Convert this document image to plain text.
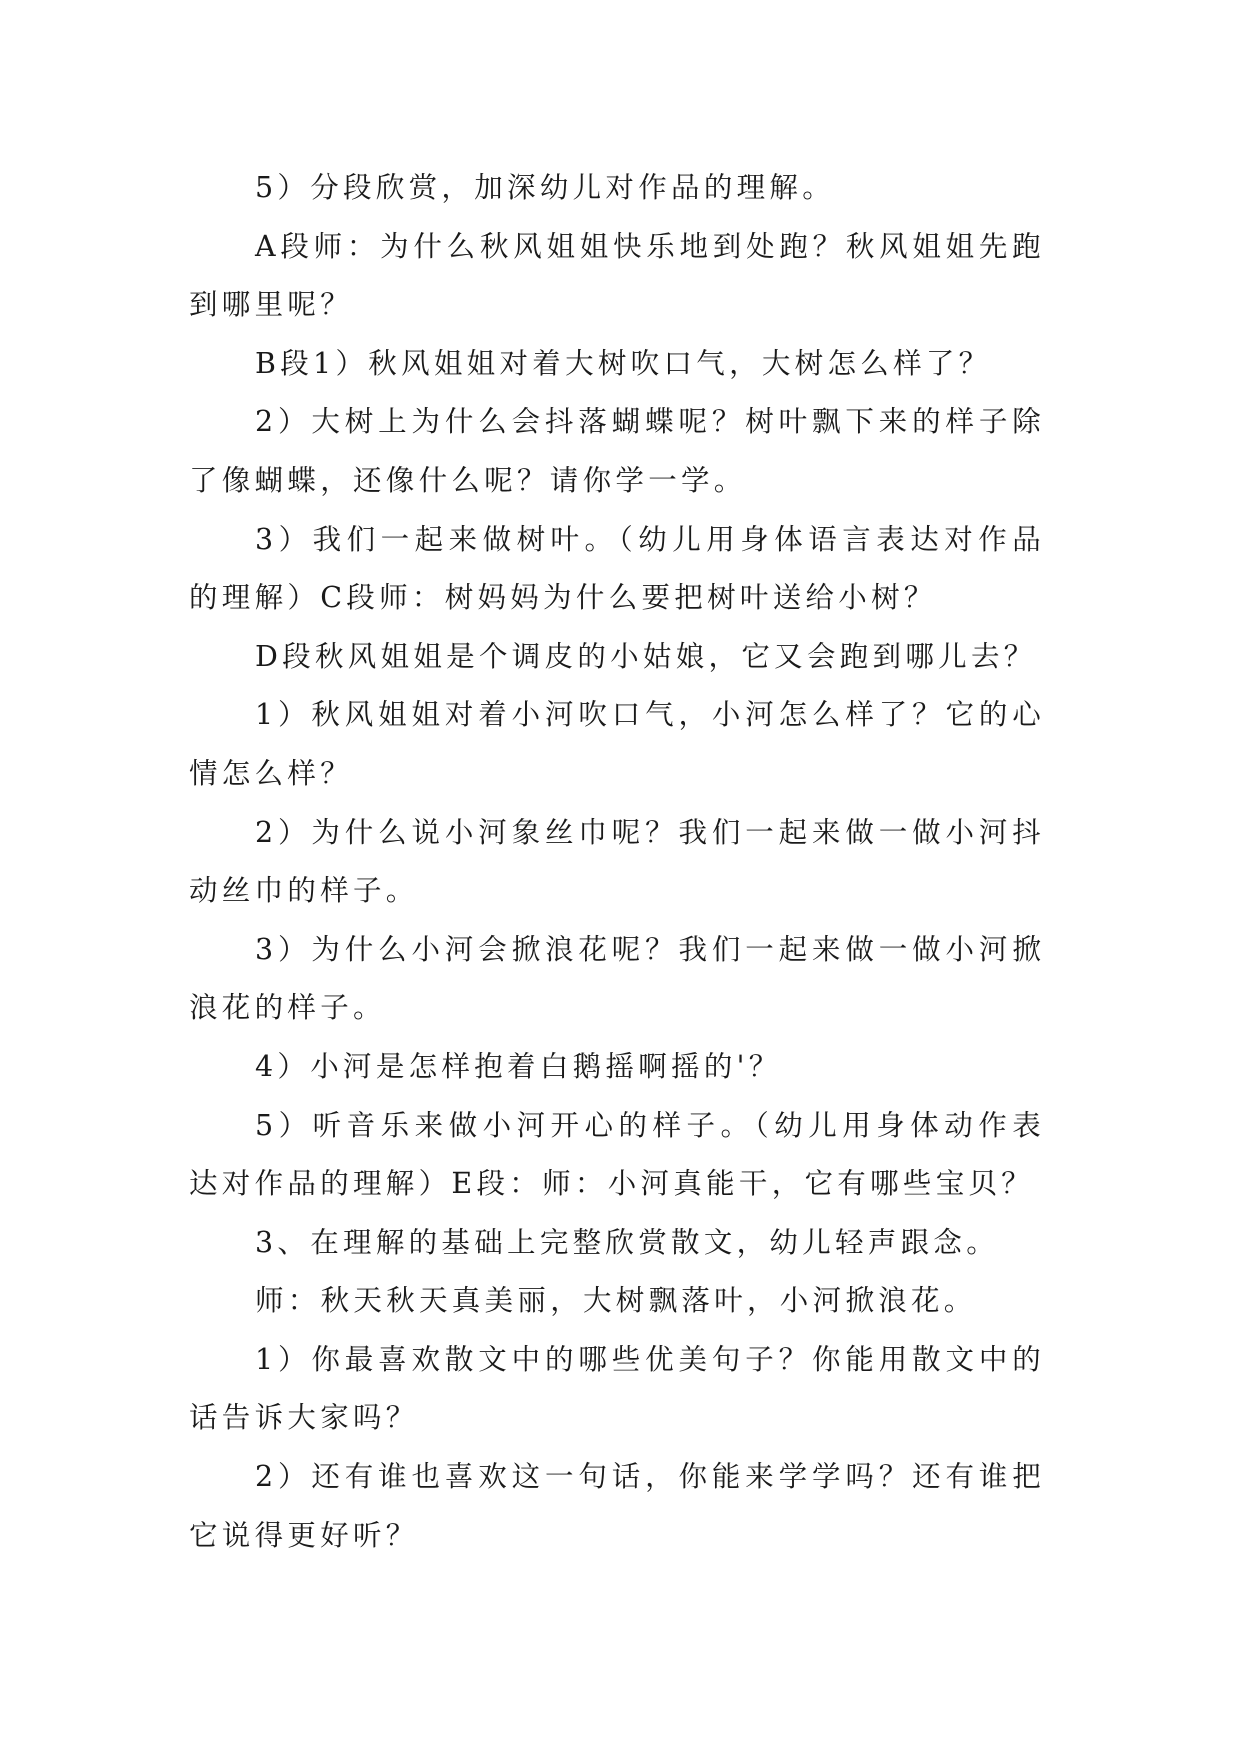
5）分段欣赏，加深幼儿对作品的理解。

A段师：为什么秋风姐姐快乐地到处跑？秋风姐姐先跑到哪里呢？

B段1）秋风姐姐对着大树吹口气，大树怎么样了？

2）大树上为什么会抖落蝴蝶呢？树叶飘下来的样子除了像蝴蝶，还像什么呢？请你学一学。

3）我们一起来做树叶。（幼儿用身体语言表达对作品的理解）C段师：树妈妈为什么要把树叶送给小树？

D段秋风姐姐是个调皮的小姑娘，它又会跑到哪儿去？

1）秋风姐姐对着小河吹口气，小河怎么样了？它的心情怎么样？

2）为什么说小河象丝巾呢？我们一起来做一做小河抖动丝巾的样子。

3）为什么小河会掀浪花呢？我们一起来做一做小河掀浪花的样子。

4）小河是怎样抱着白鹅摇啊摇的'？

5）听音乐来做小河开心的样子。（幼儿用身体动作表达对作品的理解）E段：师：小河真能干，它有哪些宝贝？

3、在理解的基础上完整欣赏散文，幼儿轻声跟念。

师：秋天秋天真美丽，大树飘落叶，小河掀浪花。

1）你最喜欢散文中的哪些优美句子？你能用散文中的话告诉大家吗？

2）还有谁也喜欢这一句话，你能来学学吗？还有谁把它说得更好听？
